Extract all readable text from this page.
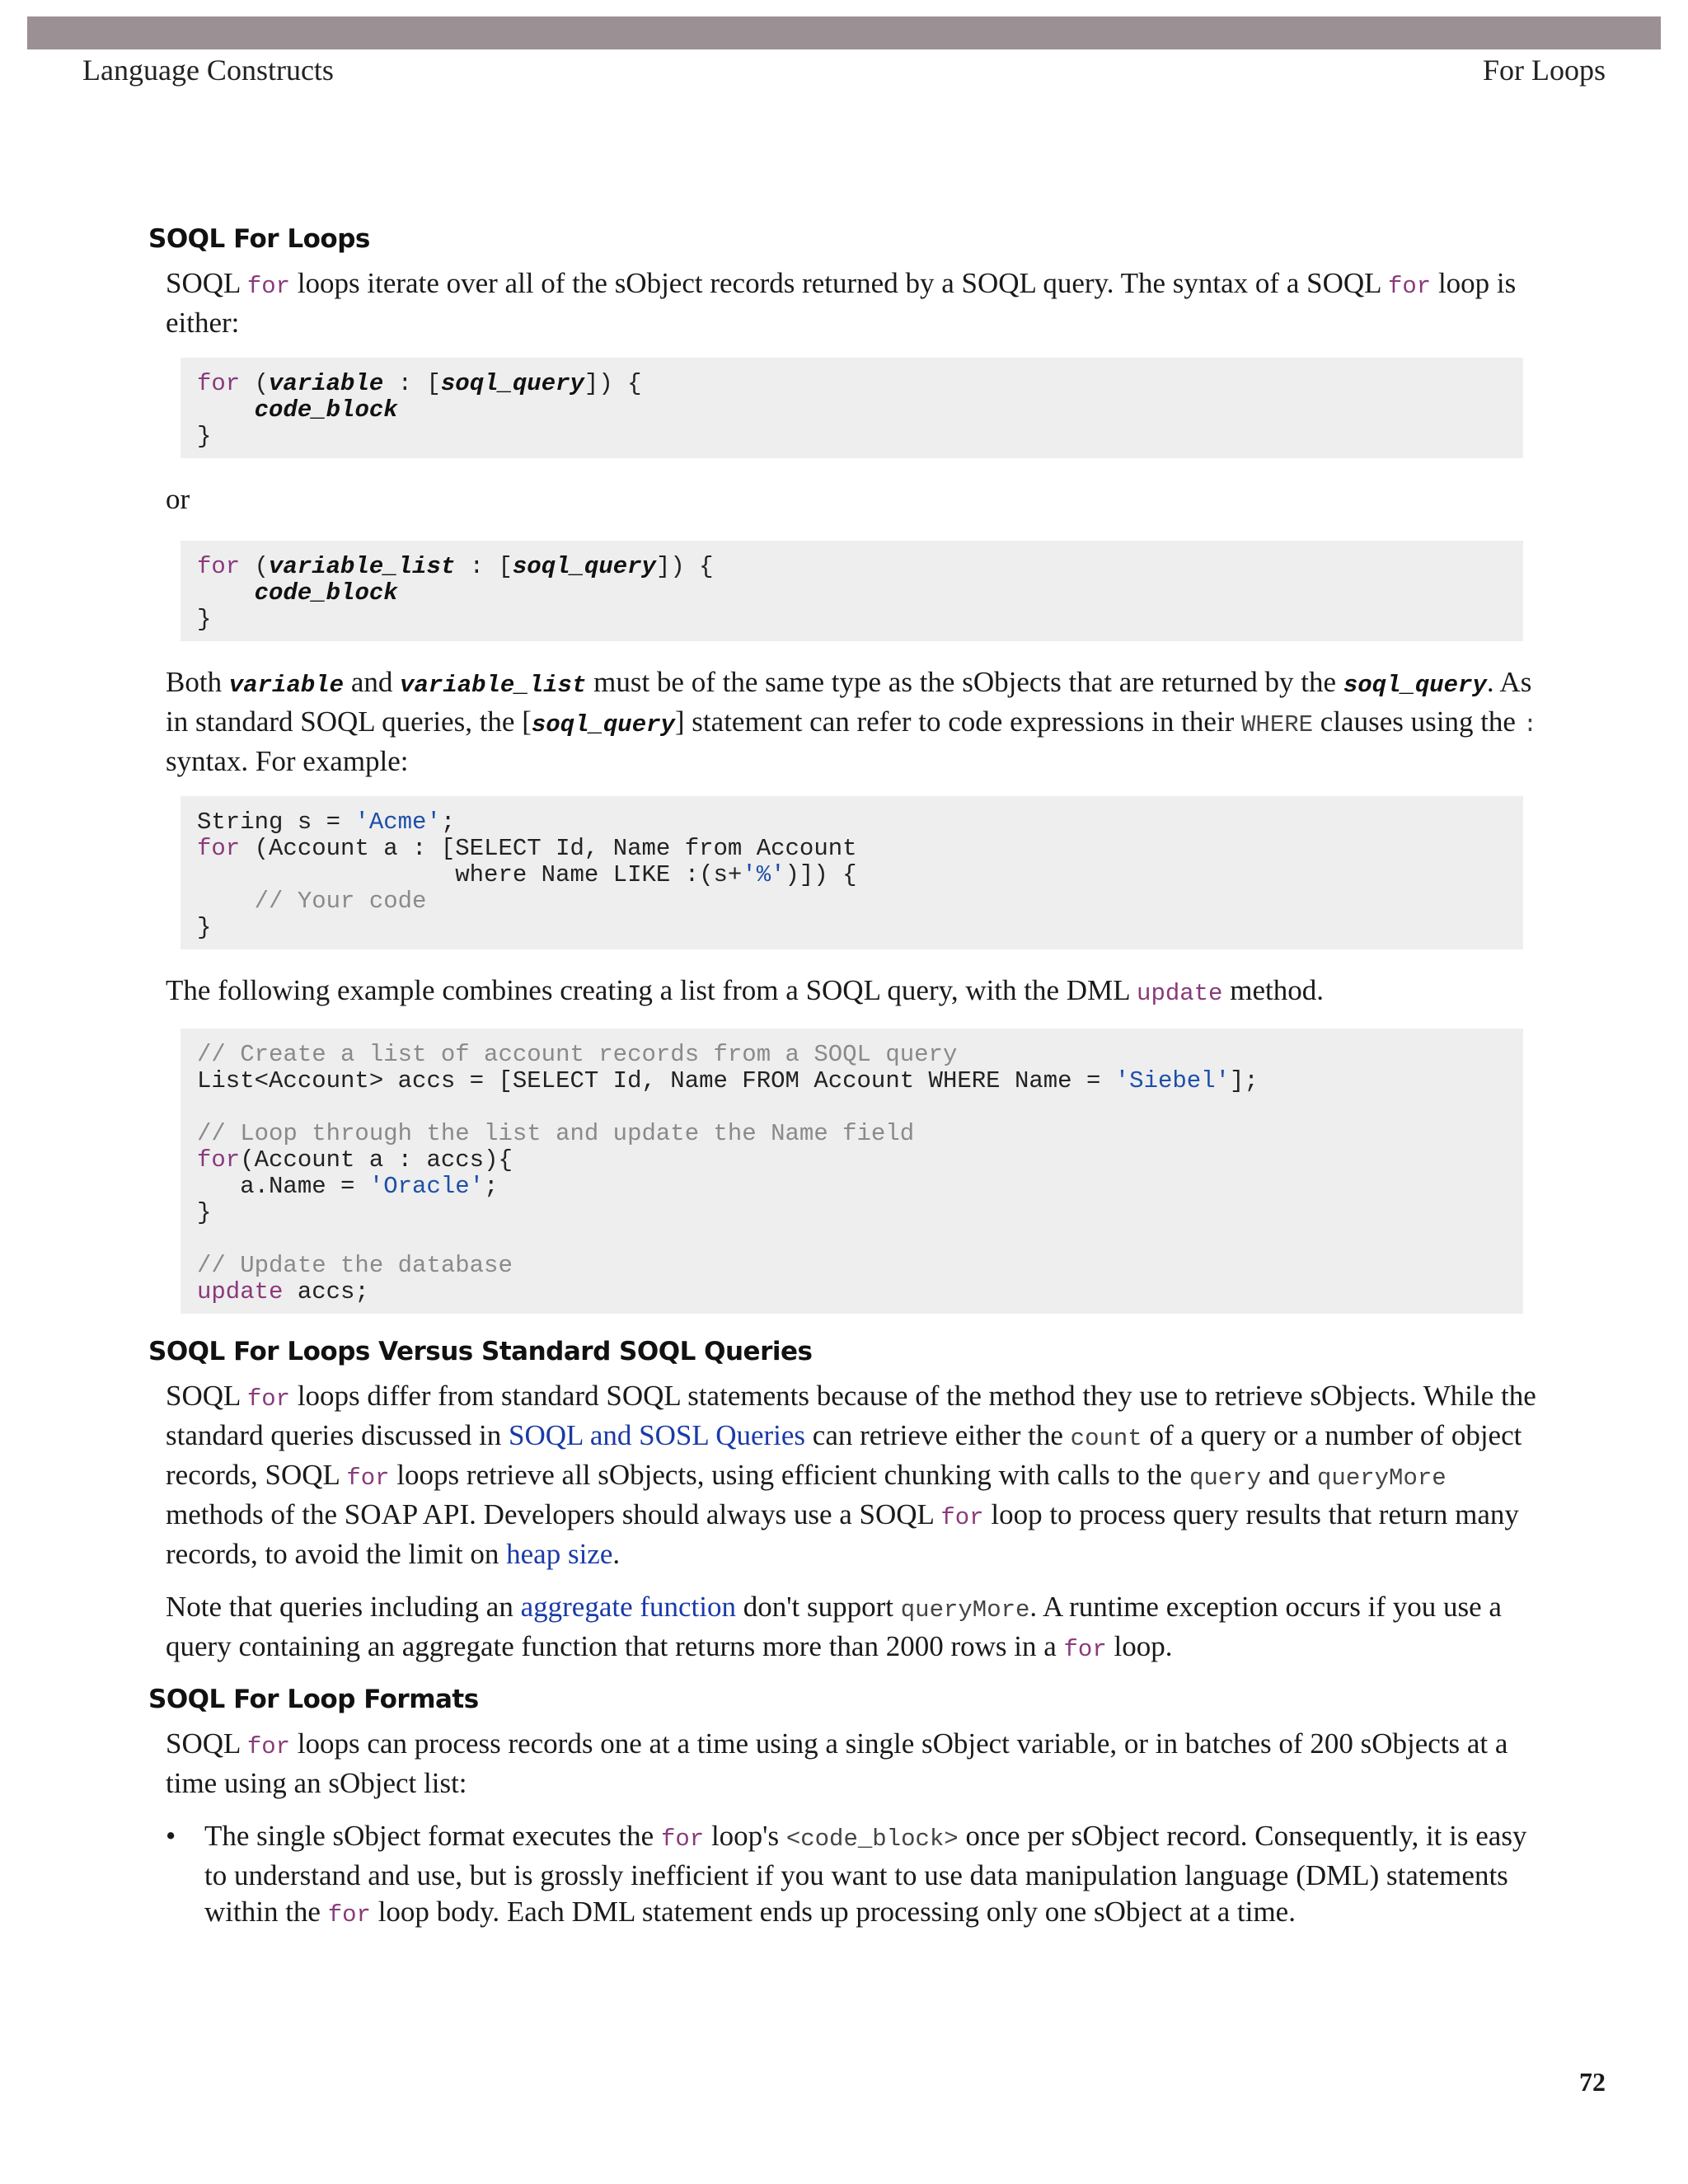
Language Constructs	For Loops
SOQL For Loops

SOQL for loops iterate over all of the sObject records returned by a SOQL query. The syntax of a SOQL for loop is either:

for (variable : [soql_query]) {
code_block
}

or

for (variable_list : [soql_query]) {
code_block
}

Both variable and variable_list must be of the same type as the sObjects that are returned by the soql_query. As in standard SOQL queries, the [soql_query] statement can refer to code expressions in their WHERE clauses using the : syntax. For example:

String s = 'Acme';
for (Account a : [SELECT Id, Name from Account
where Name LIKE :(s+'%')]) {
// Your code
}

The following example combines creating a list from a SOQL query, with the DML update method.

// Create a list of account records from a SOQL query
List<Account> accs = [SELECT Id, Name FROM Account WHERE Name = 'Siebel'];

// Loop through the list and update the Name field
for(Account a : accs){
a.Name = 'Oracle';
}

// Update the database
update accs;
SOQL For Loops Versus Standard SOQL Queries

SOQL for loops differ from standard SOQL statements because of the method they use to retrieve sObjects. While the standard queries discussed in SOQL and SOSL Queries can retrieve either the count of a query or a number of object records, SOQL for loops retrieve all sObjects, using efficient chunking with calls to the query and queryMore methods of the SOAP API. Developers should always use a SOQL for loop to process query results that return many records, to avoid the limit on heap size.

Note that queries including an aggregate function don't support queryMore. A runtime exception occurs if you use a query containing an aggregate function that returns more than 2000 rows in a for loop.

SOQL For Loop Formats

SOQL for loops can process records one at a time using a single sObject variable, or in batches of 200 sObjects at a time using an sObject list:

• The single sObject format executes the for loop's <code_block> once per sObject record. Consequently, it is easy to understand and use, but is grossly inefficient if you want to use data manipulation language (DML) statements within the for loop body. Each DML statement ends up processing only one sObject at a time.
72
